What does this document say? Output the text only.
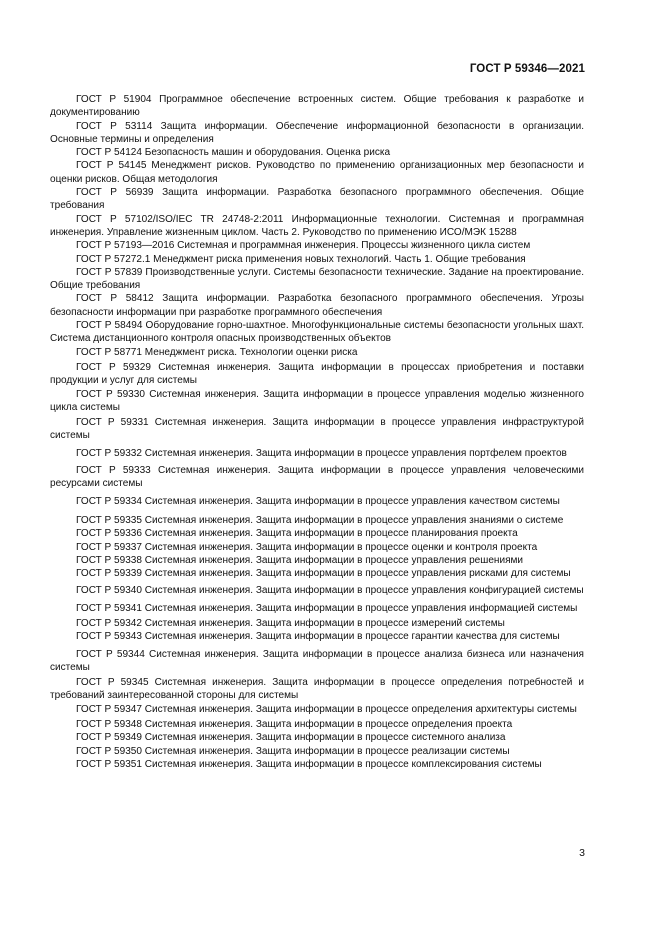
ГОСТ Р 59346—2021

ГОСТ Р 51904 Программное обеспечение встроенных систем. Общие требования к разработке и документированию

ГОСТ Р 53114 Защита информации. Обеспечение информационной безопасности в организации. Основные термины и определения

ГОСТ Р 54124 Безопасность машин и оборудования. Оценка риска

ГОСТ Р 54145 Менеджмент рисков. Руководство по применению организационных мер безопасности и оценки рисков. Общая методология

ГОСТ Р 56939 Защита информации. Разработка безопасного программного обеспечения. Общие требования

ГОСТ Р 57102/ISO/IEC TR 24748-2:2011 Информационные технологии. Системная и программная инженерия. Управление жизненным циклом. Часть 2. Руководство по применению ИСО/МЭК 15288

ГОСТ Р 57193—2016 Системная и программная инженерия. Процессы жизненного цикла систем

ГОСТ Р 57272.1 Менеджмент риска применения новых технологий. Часть 1. Общие требования

ГОСТ Р 57839 Производственные услуги. Системы безопасности технические. Задание на проектирование. Общие требования

ГОСТ Р 58412 Защита информации. Разработка безопасного программного обеспечения. Угрозы безопасности информации при разработке программного обеспечения

ГОСТ Р 58494 Оборудование горно-шахтное. Многофункциональные системы безопасности угольных шахт. Система дистанционного контроля опасных производственных объектов

ГОСТ Р 58771 Менеджмент риска. Технологии оценки риска

ГОСТ Р 59329 Системная инженерия. Защита информации в процессах приобретения и поставки продукции и услуг для системы

ГОСТ Р 59330 Системная инженерия. Защита информации в процессе управления моделью жизненного цикла системы

ГОСТ Р 59331 Системная инженерия. Защита информации в процессе управления инфраструктурой системы

ГОСТ Р 59332 Системная инженерия. Защита информации в процессе управления портфелем проектов

ГОСТ Р 59333 Системная инженерия. Защита информации в процессе управления человеческими ресурсами системы

ГОСТ Р 59334 Системная инженерия. Защита информации в процессе управления качеством системы

ГОСТ Р 59335 Системная инженерия. Защита информации в процессе управления знаниями о системе

ГОСТ Р 59336 Системная инженерия. Защита информации в процессе планирования проекта

ГОСТ Р 59337 Системная инженерия. Защита информации в процессе оценки и контроля проекта

ГОСТ Р 59338 Системная инженерия. Защита информации в процессе управления решениями

ГОСТ Р 59339 Системная инженерия. Защита информации в процессе управления рисками для системы

ГОСТ Р 59340 Системная инженерия. Защита информации в процессе управления конфигурацией системы

ГОСТ Р 59341 Системная инженерия. Защита информации в процессе управления информацией системы

ГОСТ Р 59342 Системная инженерия. Защита информации в процессе измерений системы

ГОСТ Р 59343 Системная инженерия. Защита информации в процессе гарантии качества для системы

ГОСТ Р 59344 Системная инженерия. Защита информации в процессе анализа бизнеса или назначения системы

ГОСТ Р 59345 Системная инженерия. Защита информации в процессе определения потребностей и требований заинтересованной стороны для системы

ГОСТ Р 59347 Системная инженерия. Защита информации в процессе определения архитектуры системы

ГОСТ Р 59348 Системная инженерия. Защита информации в процессе определения проекта

ГОСТ Р 59349 Системная инженерия. Защита информации в процессе системного анализа

ГОСТ Р 59350 Системная инженерия. Защита информации в процессе реализации системы

ГОСТ Р 59351 Системная инженерия. Защита информации в процессе комплексирования системы

3
